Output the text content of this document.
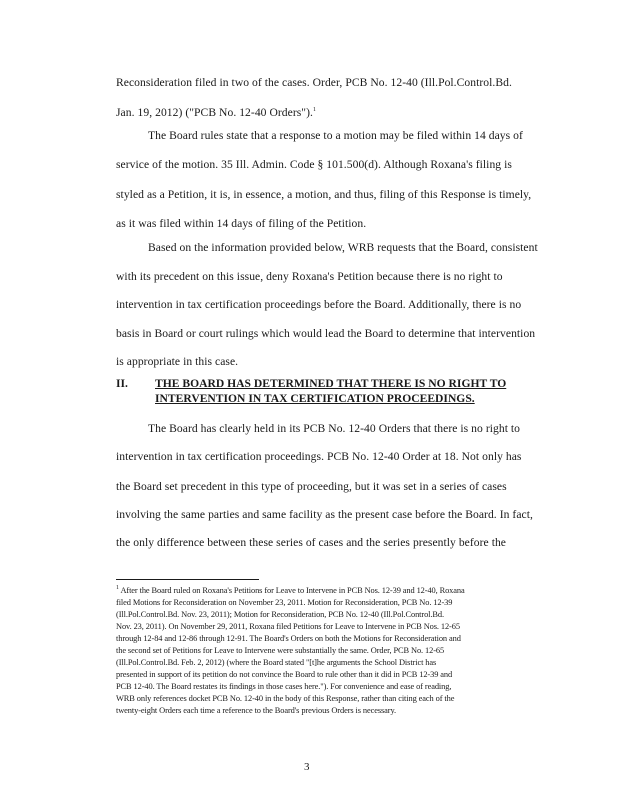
Reconsideration filed in two of the cases. Order, PCB No. 12-40 (Ill.Pol.Control.Bd.
Jan. 19, 2012) ("PCB No. 12-40 Orders").$^1$
The Board rules state that a response to a motion may be filed within 14 days of
service of the motion. 35 Ill. Admin. Code § 101.500(d). Although Roxana's filing is
styled as a Petition, it is, in essence, a motion, and thus, filing of this Response is timely,
as it was filed within 14 days of filing of the Petition.
Based on the information provided below, WRB requests that the Board, consistent
with its precedent on this issue, deny Roxana's Petition because there is no right to
intervention in tax certification proceedings before the Board. Additionally, there is no
basis in Board or court rulings which would lead the Board to determine that intervention
is appropriate in this case.
II. THE BOARD HAS DETERMINED THAT THERE IS NO RIGHT TO
INTERVENTION IN TAX CERTIFICATION PROCEEDINGS.
The Board has clearly held in its PCB No. 12-40 Orders that there is no right to
intervention in tax certification proceedings. PCB No. 12-40 Order at 18. Not only has
the Board set precedent in this type of proceeding, but it was set in a series of cases
involving the same parties and same facility as the present case before the Board. In fact,
the only difference between these series of cases and the series presently before the
$^1$ After the Board ruled on Roxana's Petitions for Leave to Intervene in PCB Nos. 12-39 and 12-40, Roxana
filed Motions for Reconsideration on November 23, 2011. Motion for Reconsideration, PCB No. 12-39
(Ill.Pol.Control.Bd. Nov. 23, 2011); Motion for Reconsideration, PCB No. 12-40 (Ill.Pol.Control.Bd.
Nov. 23, 2011). On November 29, 2011, Roxana filed Petitions for Leave to Intervene in PCB Nos. 12-65
through 12-84 and 12-86 through 12-91. The Board's Orders on both the Motions for Reconsideration and
the second set of Petitions for Leave to Intervene were substantially the same. Order, PCB No. 12-65
(Ill.Pol.Control.Bd. Feb. 2, 2012) (where the Board stated "[t]he arguments the School District has
presented in support of its petition do not convince the Board to rule other than it did in PCB 12-39 and
PCB 12-40. The Board restates its findings in those cases here."). For convenience and ease of reading,
WRB only references docket PCB No. 12-40 in the body of this Response, rather than citing each of the
twenty-eight Orders each time a reference to the Board's previous Orders is necessary.
3
